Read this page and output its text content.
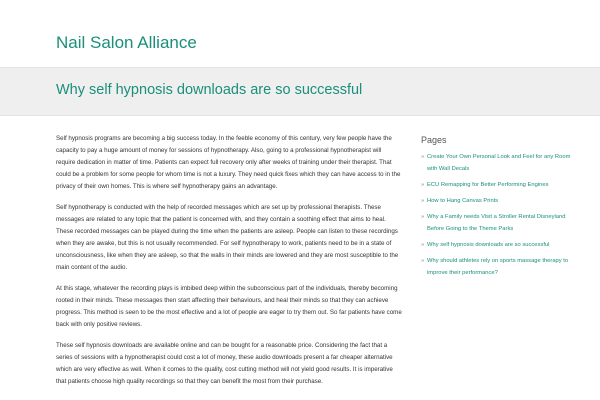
Nail Salon Alliance
Why self hypnosis downloads are so successful

Self hypnosis programs are becoming a big success today. In the feeble economy of this century, very few people have the capacity to pay a huge amount of money for sessions of hypnotherapy. Also, going to a professional hypnotherapist will require dedication in matter of time. Patients can expect full recovery only after weeks of training under their therapist. That could be a problem for some people for whom time is not a luxury. They need quick fixes which they can have access to in the privacy of their own homes. This is where self hypnotherapy gains an advantage.

Self hypnotherapy is conducted with the help of recorded messages which are set up by professional therapists. These messages are related to any topic that the patient is concerned with, and they contain a soothing effect that aims to heal. These recorded messages can be played during the time when the patients are asleep. People can listen to these recordings when they are awake, but this is not usually recommended. For self hypnotherapy to work, patients need to be in a state of unconsciousness, like when they are asleep, so that the walls in their minds are lowered and they are most susceptible to the main content of the audio.

At this stage, whatever the recording plays is imbibed deep within the subconscious part of the individuals, thereby becoming rooted in their minds. These messages then start affecting their behaviours, and heal their minds so that they can achieve progress. This method is seen to be the most effective and a lot of people are eager to try them out. So far patients have come back with only positive reviews.

These self hypnosis downloads are available online and can be bought for a reasonable price. Considering the fact that a series of sessions with a hypnotherapist could cost a lot of money, these audio downloads present a far cheaper alternative which are very effective as well. When it comes to the quality, cost cutting method will not yield good results. It is imperative that patients choose high quality recordings so that they can benefit the most from their purchase.

Pages
» Create Your Own Personal Look and Feel for any Room with Wall Decals
» ECU Remapping for Better Performing Engines
» How to Hang Canvas Prints
» Why a Family needs Visit a Stroller Rental Disneyland Before Going to the Theme Parks
» Why self hypnosis downloads are so successful
» Why should athletes rely on sports massage therapy to improve their performance?
